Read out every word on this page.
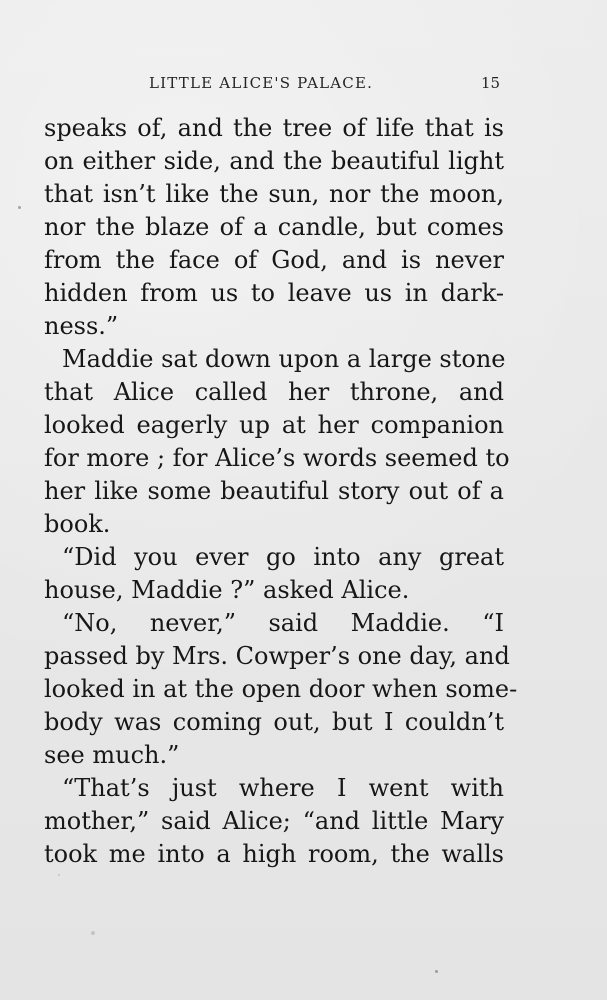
LITTLE ALICE'S PALACE.	15
speaks of, and the tree of life that is
on either side, and the beautiful light
that isn’t like the sun, nor the moon,
nor the blaze of a candle, but comes
from the face of God, and is never
hidden from us to leave us in dark-
ness.”
Maddie sat down upon a large stone
that Alice called her throne, and
looked eagerly up at her companion
for more ; for Alice’s words seemed to
her like some beautiful story out of a
book.
“Did you ever go into any great
house, Maddie ?” asked Alice.
“No, never,” said Maddie. “I
passed by Mrs. Cowper’s one day, and
looked in at the open door when some-
body was coming out, but I couldn’t
see much.”
“That’s just where I went with
mother,” said Alice; “and little Mary
took me into a high room, the walls
